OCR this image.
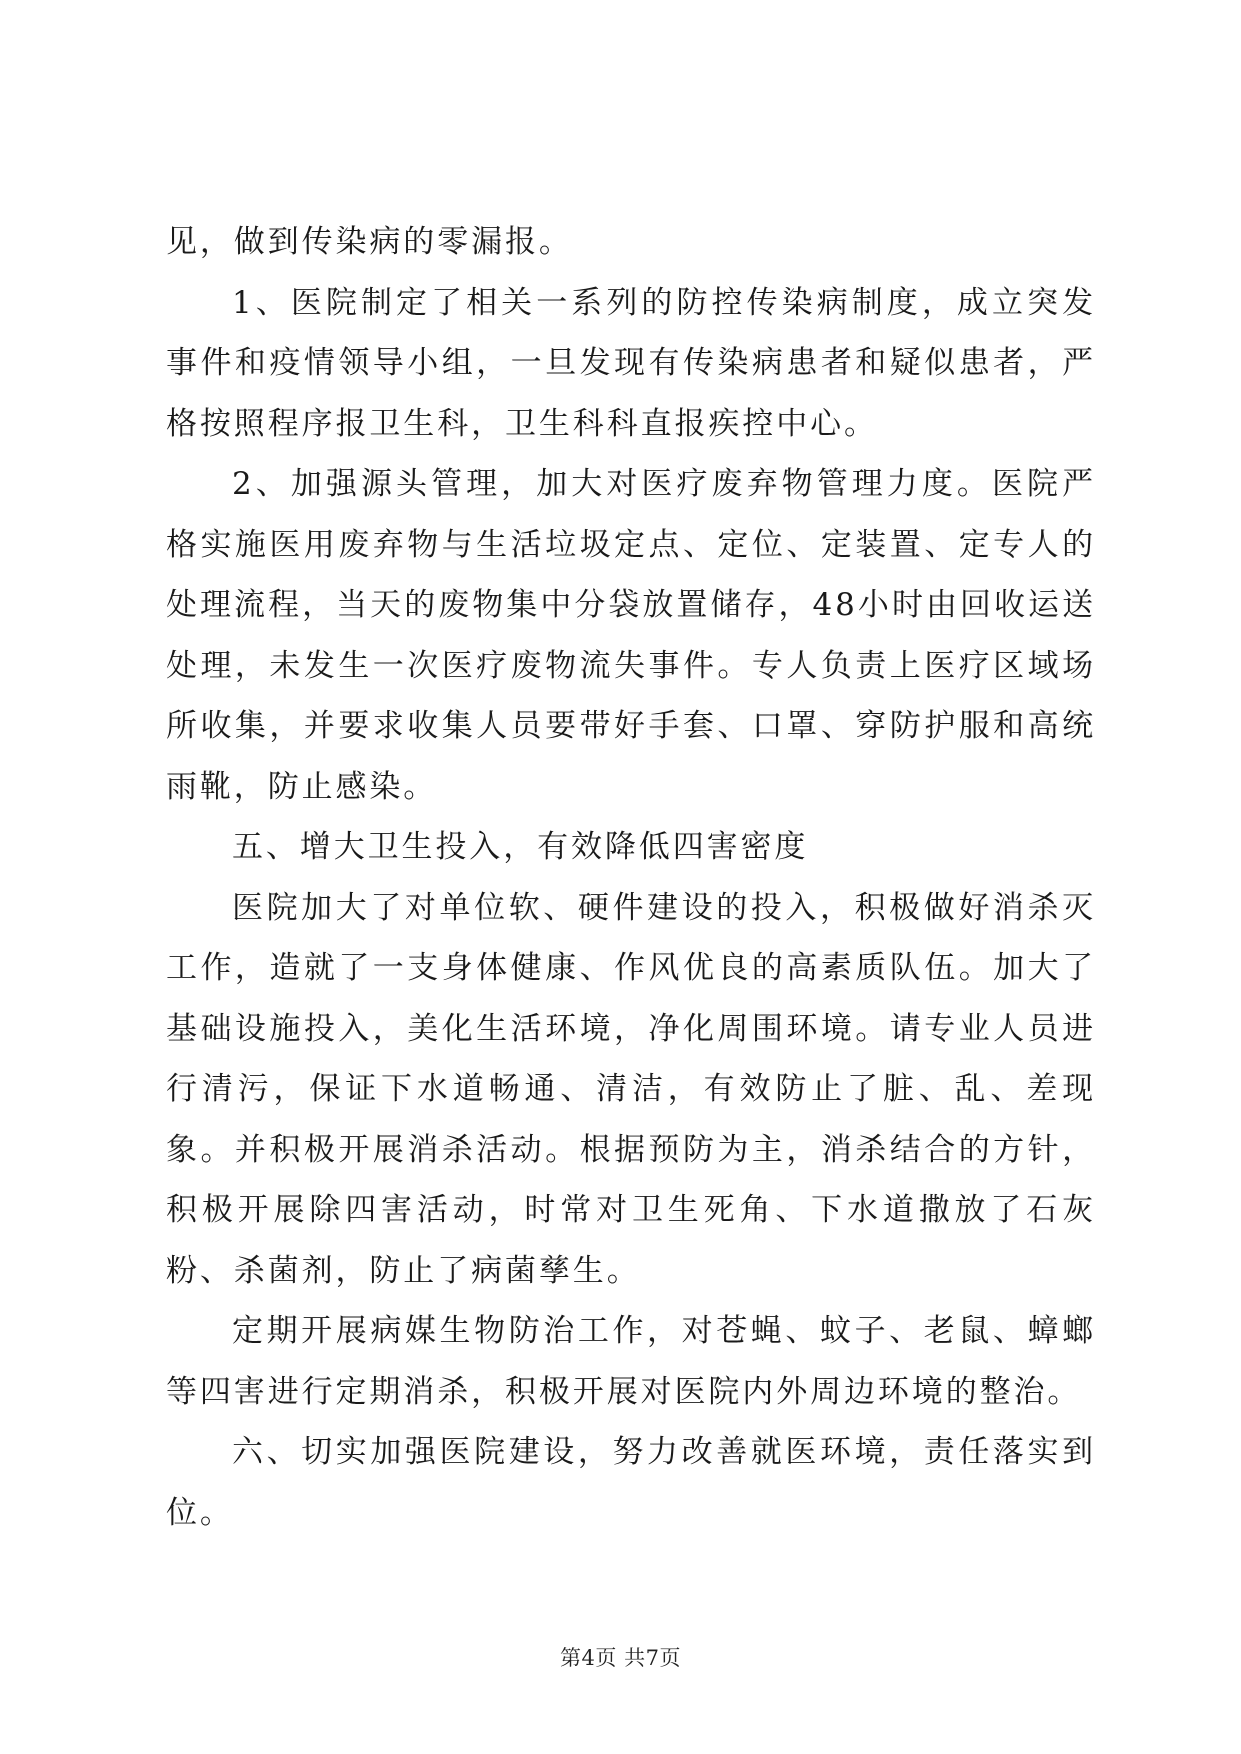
见，做到传染病的零漏报。

1、医院制定了相关一系列的防控传染病制度，成立突发事件和疫情领导小组，一旦发现有传染病患者和疑似患者，严格按照程序报卫生科，卫生科科直报疾控中心。

2、加强源头管理，加大对医疗废弃物管理力度。医院严格实施医用废弃物与生活垃圾定点、定位、定装置、定专人的处理流程，当天的废物集中分袋放置储存，48小时由回收运送处理，未发生一次医疗废物流失事件。专人负责上医疗区域场所收集，并要求收集人员要带好手套、口罩、穿防护服和高统雨靴，防止感染。

五、增大卫生投入，有效降低四害密度

医院加大了对单位软、硬件建设的投入，积极做好消杀灭工作，造就了一支身体健康、作风优良的高素质队伍。加大了基础设施投入，美化生活环境，净化周围环境。请专业人员进行清污，保证下水道畅通、清洁，有效防止了脏、乱、差现象。并积极开展消杀活动。根据预防为主，消杀结合的方针，积极开展除四害活动，时常对卫生死角、下水道撒放了石灰粉、杀菌剂，防止了病菌孳生。

定期开展病媒生物防治工作，对苍蝇、蚊子、老鼠、蟑螂等四害进行定期消杀，积极开展对医院内外周边环境的整治。

六、切实加强医院建设，努力改善就医环境，责任落实到位。

第4页 共7页
